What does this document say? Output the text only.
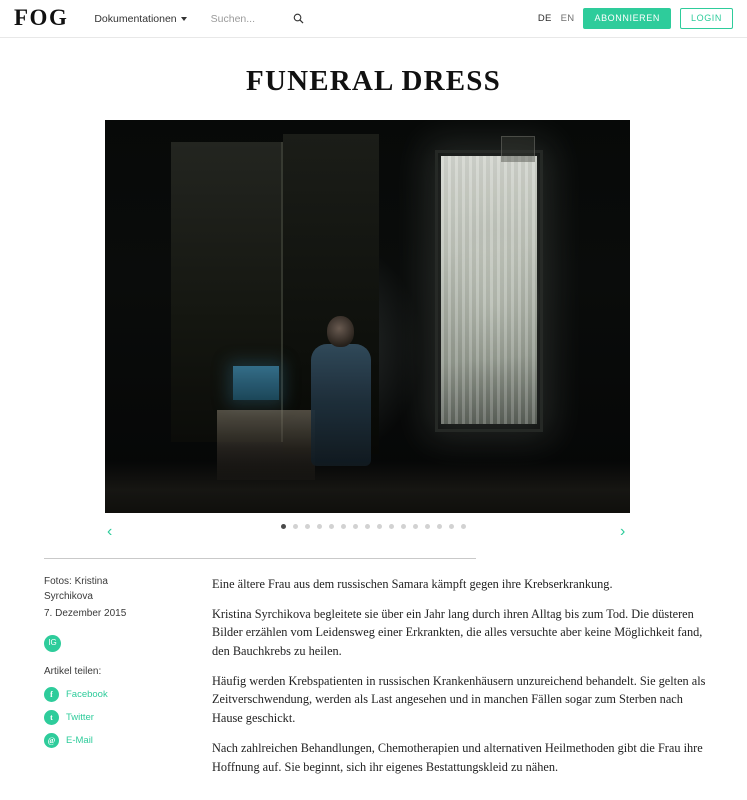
FOG Dokumentationen
Suchen...	DE EN	ABONNIEREN	LOGIN
FUNERAL DRESS
‹	›
Fotos: Kristina Syrchikova
7. Dezember 2015
IG
Artikel teilen:
f	Facebook
t	Twitter
@	E-Mail

Eine ältere Frau aus dem russischen Samara kämpft gegen ihre Krebserkrankung.

Kristina Syrchikova begleitete sie über ein Jahr lang durch ihren Alltag bis zum Tod. Die düsteren Bilder erzählen vom Leidensweg einer Erkrankten, die alles versuchte aber keine Möglichkeit fand, den Bauchkrebs zu heilen.

Häufig werden Krebspatienten in russischen Krankenhäusern unzureichend behandelt. Sie gelten als Zeitverschwendung, werden als Last angesehen und in manchen Fällen sogar zum Sterben nach Hause geschickt.

Nach zahlreichen Behandlungen, Chemotherapien und alternativen Heilmethoden gibt die Frau ihre Hoffnung auf. Sie beginnt, sich ihr eigenes Bestattungskleid zu nähen.
